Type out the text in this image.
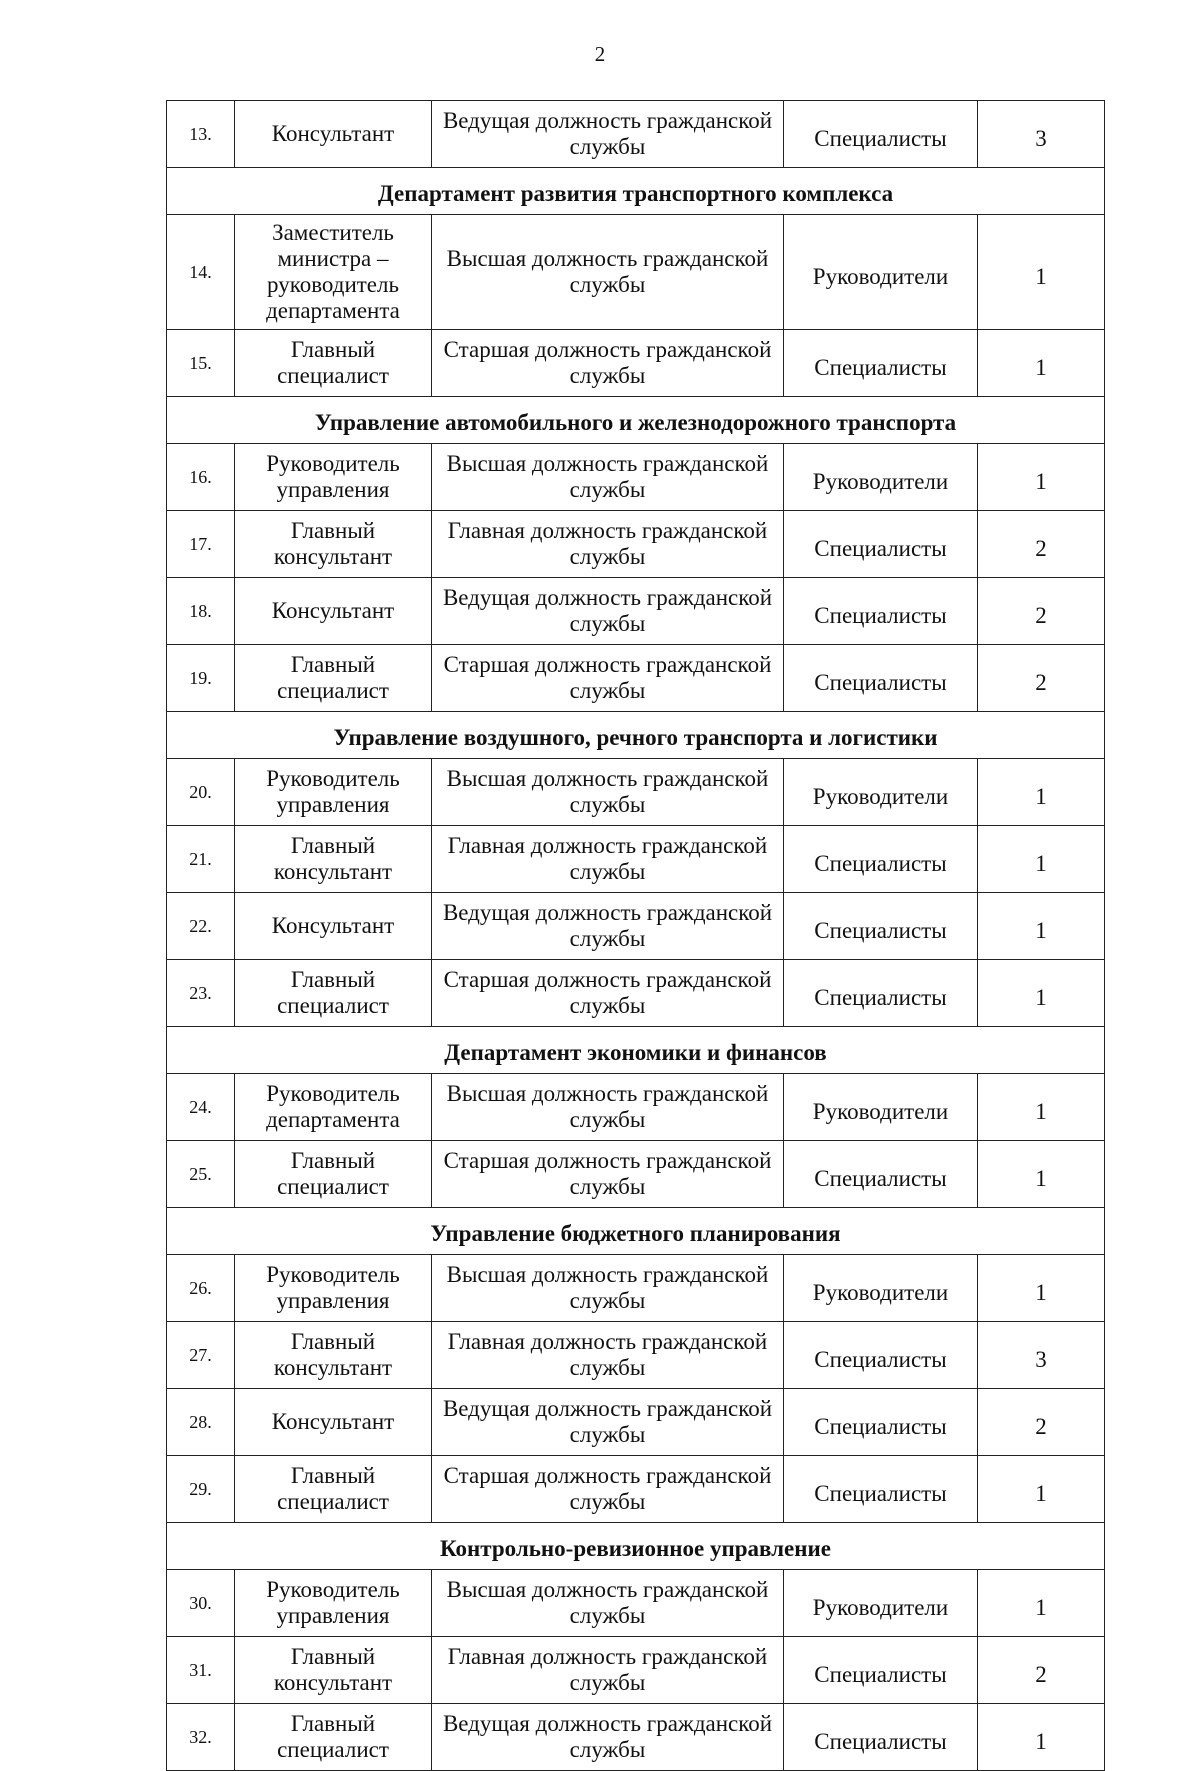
2
13.	Консультант	Ведущая должность гражданской службы	Специалисты	3
Департамент развития транспортного комплекса				
14.	Заместитель министра – руководитель департамента	Высшая должность гражданской службы	Руководители	1
15.	Главный специалист	Старшая должность гражданской службы	Специалисты	1
Управление автомобильного и железнодорожного транспорта				
16.	Руководитель управления	Высшая должность гражданской службы	Руководители	1
17.	Главный консультант	Главная должность гражданской службы	Специалисты	2
18.	Консультант	Ведущая должность гражданской службы	Специалисты	2
19.	Главный специалист	Старшая должность гражданской службы	Специалисты	2
Управление воздушного, речного транспорта и логистики				
20.	Руководитель управления	Высшая должность гражданской службы	Руководители	1
21.	Главный консультант	Главная должность гражданской службы	Специалисты	1
22.	Консультант	Ведущая должность гражданской службы	Специалисты	1
23.	Главный специалист	Старшая должность гражданской службы	Специалисты	1
Департамент экономики и финансов				
24.	Руководитель департамента	Высшая должность гражданской службы	Руководители	1
25.	Главный специалист	Старшая должность гражданской службы	Специалисты	1
Управление бюджетного планирования				
26.	Руководитель управления	Высшая должность гражданской службы	Руководители	1
27.	Главный консультант	Главная должность гражданской службы	Специалисты	3
28.	Консультант	Ведущая должность гражданской службы	Специалисты	2
29.	Главный специалист	Старшая должность гражданской службы	Специалисты	1
Контрольно-ревизионное управление				
30.	Руководитель управления	Высшая должность гражданской службы	Руководители	1
31.	Главный консультант	Главная должность гражданской службы	Специалисты	2
32.	Главный специалист	Ведущая должность гражданской службы	Специалисты	1
